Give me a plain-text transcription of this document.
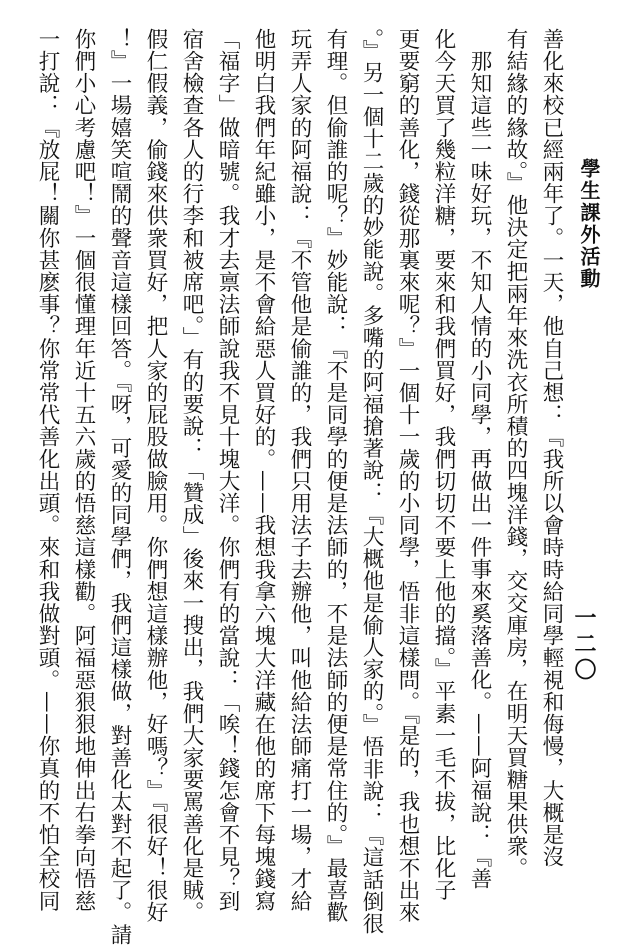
學生課外活動
一二〇
善化來校已經兩年了。一天，他自己想：『我所以會時時給同學輕視和侮慢，大概是沒
有結緣的緣故。』他決定把兩年來洗衣所積的四塊洋錢，交交庫房，在明天買糖果供衆。
那知這些一味好玩，不知人情的小同學，再做出一件事來奚落善化。——阿福說：『善
化今天買了幾粒洋糖，要來和我們買好，我們切切不要上他的擋。』平素一毛不拔，比化子
更要窮的善化，錢從那裏來呢？』一個十一歲的小同學，悟非這樣問。『是的，我也想不出來
。』另一個十二歲的妙能說。多嘴的阿福搶著說：『大概他是偷人家的。』悟非說：『這話倒很
有理。但偷誰的呢？』妙能說：『不是同學的便是法師的，不是法師的便是常住的。』最喜歡
玩弄人家的阿福說：『不管他是偷誰的，我們只用法子去辦他，叫他給法師痛打一場，才給
他明白我們年紀雖小，是不會給惡人買好的。——我想我拿六塊大洋藏在他的席下每塊錢寫
「福字」做暗號。我才去禀法師說我不見十塊大洋。你們有的當說：「唉！錢怎會不見？到
宿舍檢查各人的行李和被席吧。」有的要說：「贊成」後來一搜出，我們大家要罵善化是賊。
假仁假義，偷錢來供衆買好，把人家的屁股做臉用。你們想這樣辦他，好嗎？』『很好！很好
！』一場嬉笑喧鬧的聲音這樣回答。『呀，可愛的同學們，我們這樣做，對善化太對不起了。請
你們小心考慮吧！』一個很懂理年近十五六歲的悟慈這樣勸。阿福惡狠狠地伸出右拳向悟慈
一打說：『放屁！關你甚麽事？你常常代善化出頭。來和我做對頭。——你真的不怕全校同
